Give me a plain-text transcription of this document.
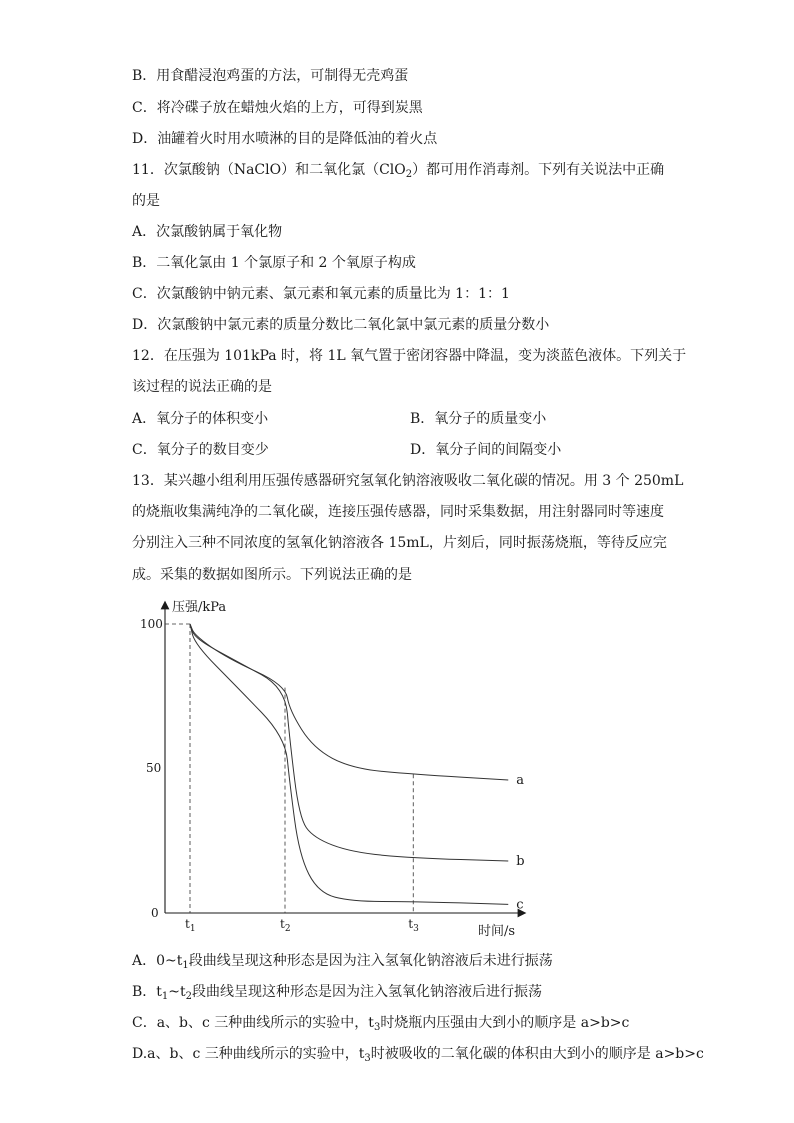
B．用食醋浸泡鸡蛋的方法，可制得无壳鸡蛋
C．将冷碟子放在蜡烛火焰的上方，可得到炭黑
D．油罐着火时用水喷淋的目的是降低油的着火点
11．次氯酸钠（NaClO）和二氧化氯（ClO$_2$）都可用作消毒剂。下列有关说法中正确
的是
A．次氯酸钠属于氧化物
B．二氧化氯由 1 个氯原子和 2 个氧原子构成
C．次氯酸钠中钠元素、氯元素和氧元素的质量比为 1：1：1
D．次氯酸钠中氯元素的质量分数比二氧化氯中氯元素的质量分数小
12．在压强为 101kPa 时，将 1L 氧气置于密闭容器中降温，变为淡蓝色液体。下列关于
该过程的说法正确的是
A．氧分子的体积变小	B．氧分子的质量变小
C．氧分子的数目变少	D．氧分子间的间隔变小
13．某兴趣小组利用压强传感器研究氢氧化钠溶液吸收二氧化碳的情况。用 3 个 250mL
的烧瓶收集满纯净的二氧化碳，连接压强传感器，同时采集数据，用注射器同时等速度
分别注入三种不同浓度的氢氧化钠溶液各 15mL，片刻后，同时振荡烧瓶，等待反应完
成。采集的数据如图所示。下列说法正确的是
压强/kPa
时间/s
100
50
0
$t_1$	$t_2$	$t_3$
a
b
c
A．$0\sim t_1$段曲线呈现这种形态是因为注入氢氧化钠溶液后未进行振荡
B．$t_1\sim t_2$段曲线呈现这种形态是因为注入氢氧化钠溶液后进行振荡
C．a、b、c 三种曲线所示的实验中，$t_3$时烧瓶内压强由大到小的顺序是 a>b>c
D.a、b、c 三种曲线所示的实验中，$t_3$时被吸收的二氧化碳的体积由大到小的顺序是 a>b>c
